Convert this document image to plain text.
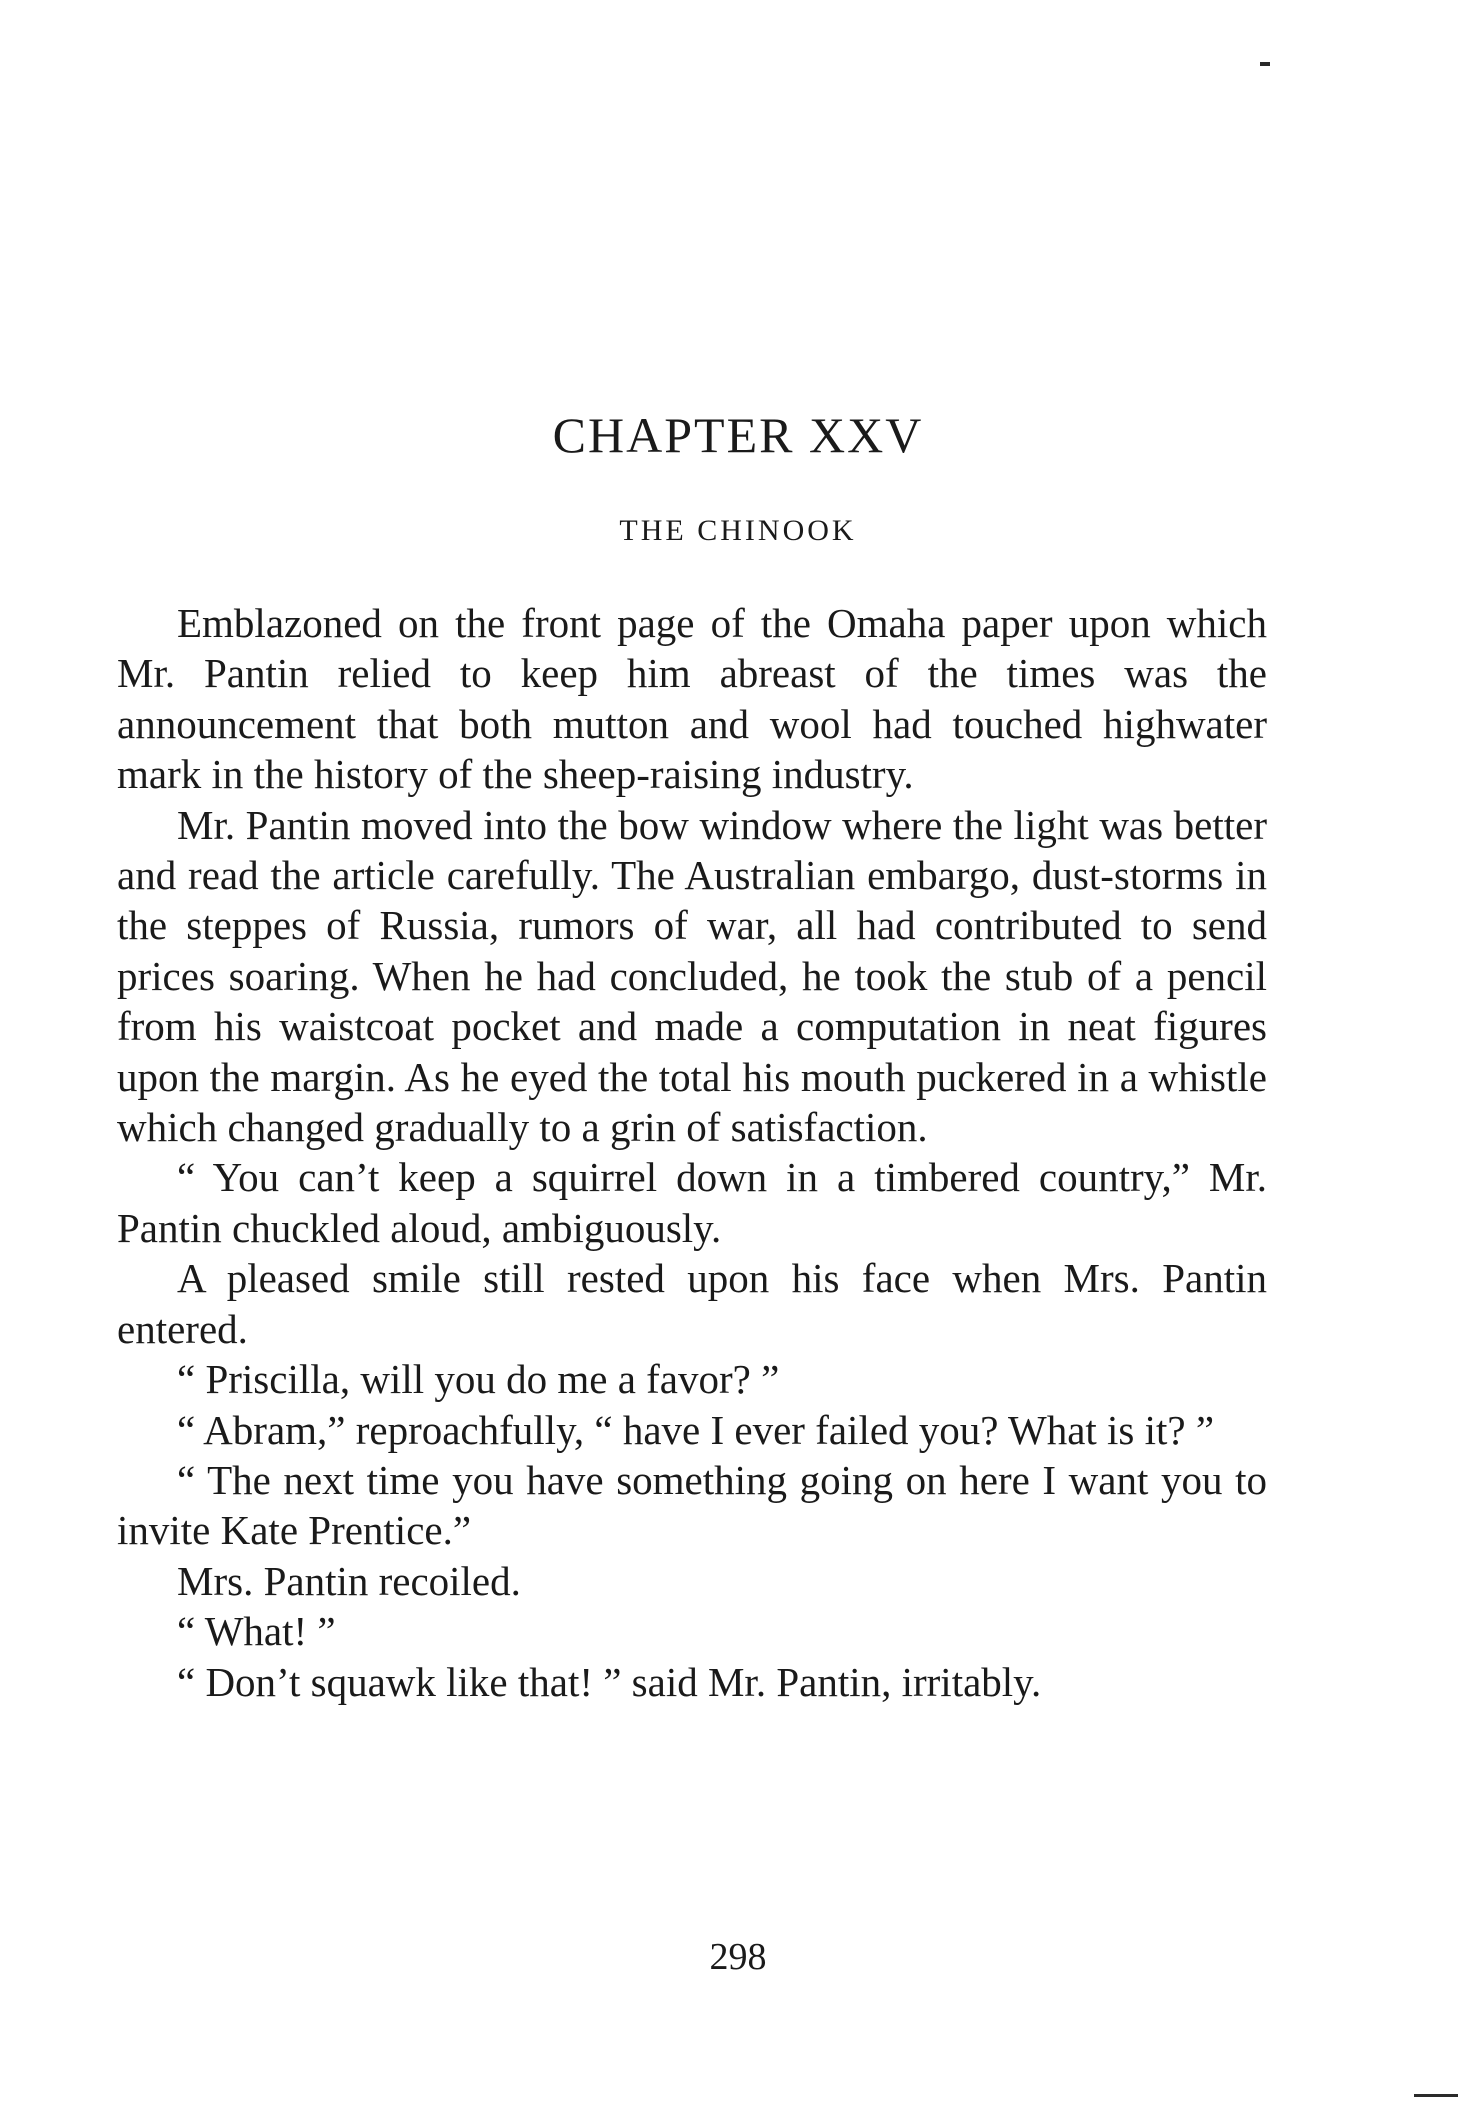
CHAPTER XXV
THE CHINOOK

Emblazoned on the front page of the Omaha paper upon which Mr. Pantin relied to keep him abreast of the times was the announcement that both mutton and wool had touched highwater mark in the history of the sheep-raising industry.

Mr. Pantin moved into the bow window where the light was better and read the article carefully. The Australian embargo, dust-storms in the steppes of Russia, rumors of war, all had contributed to send prices soaring. When he had concluded, he took the stub of a pencil from his waistcoat pocket and made a computation in neat figures upon the margin. As he eyed the total his mouth puckered in a whistle which changed gradually to a grin of satisfaction.

“ You can’t keep a squirrel down in a timbered country,” Mr. Pantin chuckled aloud, ambiguously.

A pleased smile still rested upon his face when Mrs. Pantin entered.

“ Priscilla, will you do me a favor? ”

“ Abram,” reproachfully, “ have I ever failed you? What is it? ”

“ The next time you have something going on here I want you to invite Kate Prentice.”

Mrs. Pantin recoiled.

“ What! ”

“ Don’t squawk like that! ” said Mr. Pantin, irritably.

298
